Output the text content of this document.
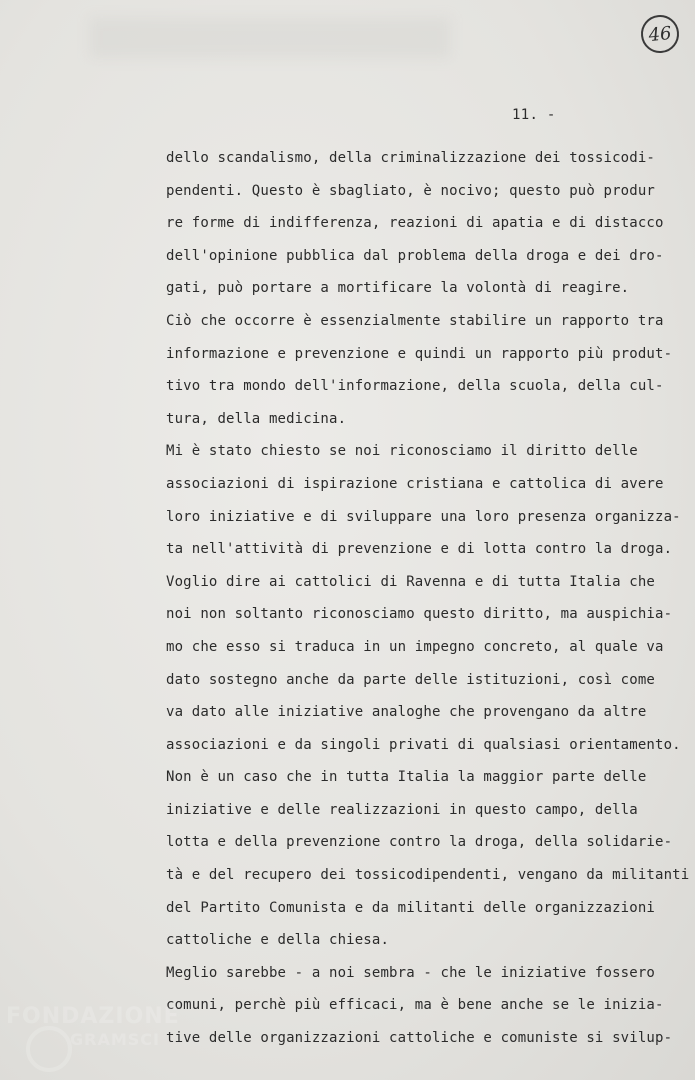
46
11. -
dello scandalismo, della criminalizzazione dei tossicodi-
pendenti. Questo è sbagliato, è nocivo; questo può produr
re forme di indifferenza, reazioni di apatia e di distacco
dell'opinione pubblica dal problema della droga e dei dro-
gati, può portare a mortificare la volontà di reagire.
Ciò che occorre è essenzialmente stabilire un rapporto tra
informazione e prevenzione e quindi un rapporto più produt-
tivo tra mondo dell'informazione, della scuola, della cul-
tura, della medicina.
Mi è stato chiesto se noi riconosciamo il diritto delle
associazioni di ispirazione cristiana e cattolica di avere
loro iniziative e di sviluppare una loro presenza organizza-
ta nell'attività di prevenzione e di lotta contro la droga.
Voglio dire ai cattolici di Ravenna e di tutta Italia che
noi non soltanto riconosciamo questo diritto, ma auspichia-
mo che esso si traduca in un impegno concreto, al quale va
dato sostegno anche da parte delle istituzioni, così come
va dato alle iniziative analoghe che provengano da altre
associazioni e da singoli privati di qualsiasi orientamento.
Non è un caso che in tutta Italia la maggior parte delle
iniziative e delle realizzazioni in questo campo, della
lotta e della prevenzione contro la droga, della solidarie-
tà e del recupero dei tossicodipendenti, vengano da militanti
del Partito Comunista e da militanti delle organizzazioni
cattoliche e della chiesa.
Meglio sarebbe - a noi sembra - che le iniziative fossero
comuni, perchè più efficaci, ma è bene anche se le inizia-
tive delle organizzazioni cattoliche e comuniste si svilup-
FONDAZIONE
GRAMSCI
